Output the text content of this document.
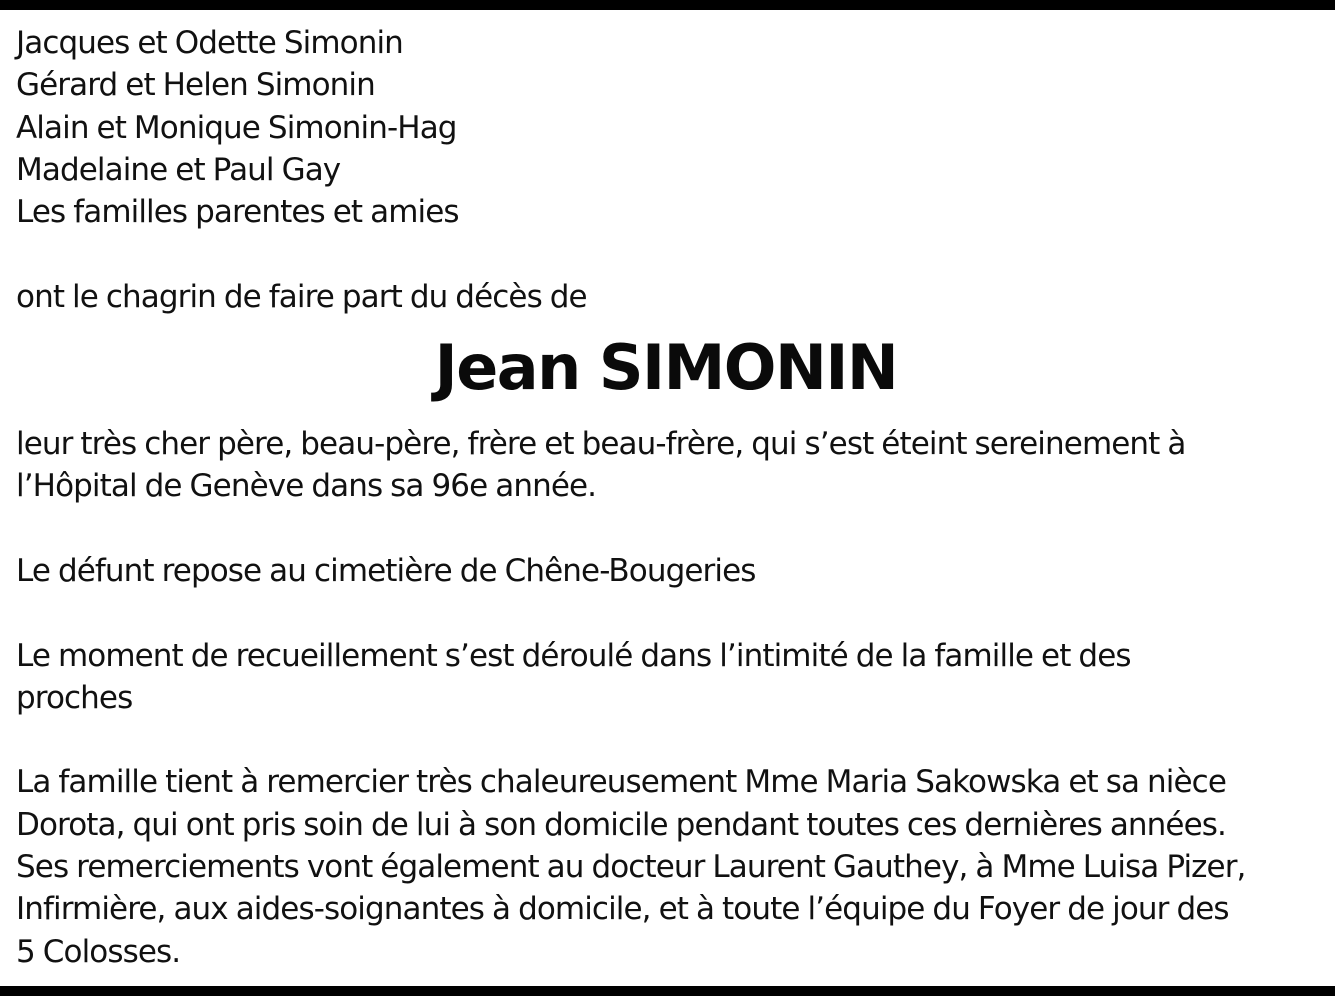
Jacques et Odette Simonin
Gérard et Helen Simonin
Alain et Monique Simonin-Hag
Madelaine et Paul Gay
Les familles parentes et amies
ont le chagrin de faire part du décès de
Jean SIMONIN
leur très cher père, beau-père, frère et beau-frère, qui s’est éteint sereinement à
l’Hôpital de Genève dans sa 96e année.
Le défunt repose au cimetière de Chêne-Bougeries
Le moment de recueillement s’est déroulé dans l’intimité de la famille et des
proches
La famille tient à remercier très chaleureusement Mme Maria Sakowska et sa nièce
Dorota, qui ont pris soin de lui à son domicile pendant toutes ces dernières années.
Ses remerciements vont également au docteur Laurent Gauthey, à Mme Luisa Pizer,
Infirmière, aux aides-soignantes à domicile, et à toute l’équipe du Foyer de jour des
5 Colosses.
